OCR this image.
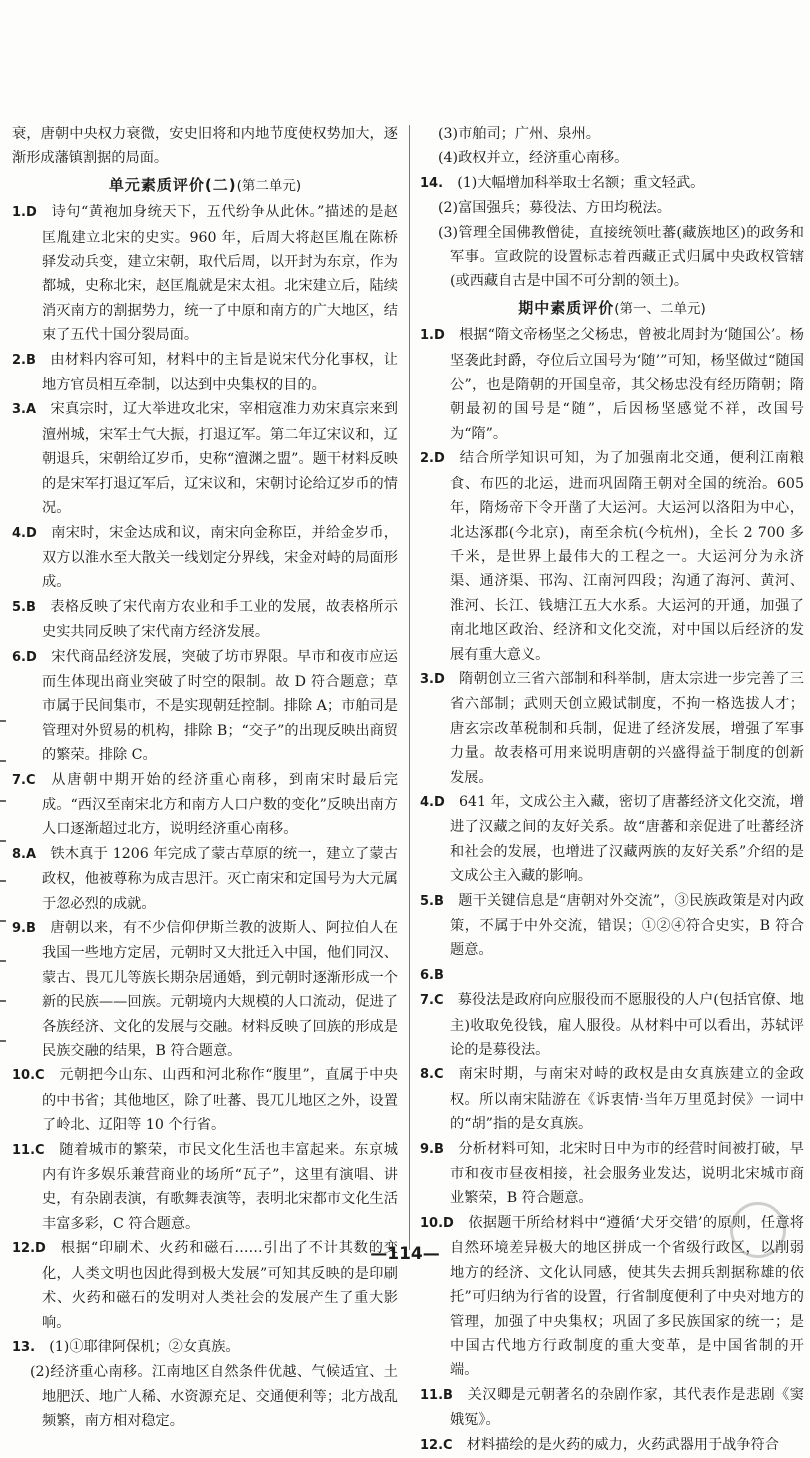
衰，唐朝中央权力衰微，安史旧将和内地节度使权势加大，逐渐形成藩镇割据的局面。

单元素质评价(二)(第二单元)

1.D  诗句“黄袍加身统天下，五代纷争从此休。”描述的是赵匡胤建立北宋的史实。960 年，后周大将赵匡胤在陈桥驿发动兵变，建立宋朝，取代后周，以开封为东京，作为都城，史称北宋，赵匡胤就是宋太祖。北宋建立后，陆续消灭南方的割据势力，统一了中原和南方的广大地区，结束了五代十国分裂局面。

2.B  由材料内容可知，材料中的主旨是说宋代分化事权，让地方官员相互牵制，以达到中央集权的目的。

3.A  宋真宗时，辽大举进攻北宋，宰相寇准力劝宋真宗来到澶州城，宋军士气大振，打退辽军。第二年辽宋议和，辽朝退兵，宋朝给辽岁币，史称“澶渊之盟”。题干材料反映的是宋军打退辽军后，辽宋议和，宋朝讨论给辽岁币的情况。

4.D  南宋时，宋金达成和议，南宋向金称臣，并给金岁币，双方以淮水至大散关一线划定分界线，宋金对峙的局面形成。

5.B  表格反映了宋代南方农业和手工业的发展，故表格所示史实共同反映了宋代南方经济发展。

6.D  宋代商品经济发展，突破了坊市界限。早市和夜市应运而生体现出商业突破了时空的限制。故 D 符合题意；草市属于民间集市，不是实现朝廷控制。排除 A；市舶司是管理对外贸易的机构，排除 B；“交子”的出现反映出商贸的繁荣。排除 C。

7.C  从唐朝中期开始的经济重心南移，到南宋时最后完成。“西汉至南宋北方和南方人口户数的变化”反映出南方人口逐渐超过北方，说明经济重心南移。

8.A  铁木真于 1206 年完成了蒙古草原的统一，建立了蒙古政权，他被尊称为成吉思汗。灭亡南宋和定国号为大元属于忽必烈的成就。

9.B  唐朝以来，有不少信仰伊斯兰教的波斯人、阿拉伯人在我国一些地方定居，元朝时又大批迁入中国，他们同汉、蒙古、畏兀儿等族长期杂居通婚，到元朝时逐渐形成一个新的民族——回族。元朝境内大规模的人口流动，促进了各族经济、文化的发展与交融。材料反映了回族的形成是民族交融的结果，B 符合题意。

10.C  元朝把今山东、山西和河北称作“腹里”，直属于中央的中书省；其他地区，除了吐蕃、畏兀儿地区之外，设置了岭北、辽阳等 10 个行省。

11.C  随着城市的繁荣，市民文化生活也丰富起来。东京城内有许多娱乐兼营商业的场所“瓦子”，这里有演唱、讲史，有杂剧表演，有歌舞表演等，表明北宋都市文化生活丰富多彩，C 符合题意。

12.D  根据“印刷术、火药和磁石……引出了不计其数的变化，人类文明也因此得到极大发展”可知其反映的是印刷术、火药和磁石的发明对人类社会的发展产生了重大影响。

13.  (1)①耶律阿保机；②女真族。

(2)经济重心南移。江南地区自然条件优越、气候适宜、土地肥沃、地广人稀、水资源充足、交通便利等；北方战乱频繁，南方相对稳定。

(3)市舶司；广州、泉州。

(4)政权并立，经济重心南移。

14.  (1)大幅增加科举取士名额；重文轻武。

(2)富国强兵；募役法、方田均税法。

(3)管理全国佛教僧徒，直接统领吐蕃(藏族地区)的政务和军事。宣政院的设置标志着西藏正式归属中央政权管辖(或西藏自古是中国不可分割的领土)。

期中素质评价(第一、二单元)

1.D  根据“隋文帝杨坚之父杨忠，曾被北周封为‘随国公’。杨坚袭此封爵，夺位后立国号为‘随’”可知，杨坚做过“随国公”，也是隋朝的开国皇帝，其父杨忠没有经历隋朝；隋朝最初的国号是“随”，后因杨坚感觉不祥，改国号为“隋”。

2.D  结合所学知识可知，为了加强南北交通，便利江南粮食、布匹的北运，进而巩固隋王朝对全国的统治。605 年，隋炀帝下令开凿了大运河。大运河以洛阳为中心，北达涿郡(今北京)，南至余杭(今杭州)，全长 2 700 多千米，是世界上最伟大的工程之一。大运河分为永济渠、通济渠、邗沟、江南河四段；沟通了海河、黄河、淮河、长江、钱塘江五大水系。大运河的开通，加强了南北地区政治、经济和文化交流，对中国以后经济的发展有重大意义。

3.D  隋朝创立三省六部制和科举制，唐太宗进一步完善了三省六部制；武则天创立殿试制度，不拘一格选拔人才；唐玄宗改革税制和兵制，促进了经济发展，增强了军事力量。故表格可用来说明唐朝的兴盛得益于制度的创新发展。

4.D  641 年，文成公主入藏，密切了唐蕃经济文化交流，增进了汉藏之间的友好关系。故“唐蕃和亲促进了吐蕃经济和社会的发展，也增进了汉藏两族的友好关系”介绍的是文成公主入藏的影响。

5.B  题干关键信息是“唐朝对外交流”，③民族政策是对内政策，不属于中外交流，错误；①②④符合史实，B 符合题意。

6.B 

7.C  募役法是政府向应服役而不愿服役的人户(包括官僚、地主)收取免役钱，雇人服役。从材料中可以看出，苏轼评论的是募役法。

8.C  南宋时期，与南宋对峙的政权是由女真族建立的金政权。所以南宋陆游在《诉衷情·当年万里觅封侯》一词中的“胡”指的是女真族。

9.B  分析材料可知，北宋时日中为市的经营时间被打破，早市和夜市昼夜相接，社会服务业发达，说明北宋城市商业繁荣，B 符合题意。

10.D  依据题干所给材料中“遵循‘犬牙交错’的原则，任意将自然环境差异极大的地区拼成一个省级行政区，以削弱地方的经济、文化认同感，使其失去拥兵割据称雄的依托”可归纳为行省的设置，行省制度便利了中央对地方的管理，加强了中央集权；巩固了多民族国家的统一；是中国古代地方行政制度的重大变革，是中国省制的开端。

11.B  关汉卿是元朝著名的杂剧作家，其代表作是悲剧《窦娥冤》。

12.C  材料描绘的是火药的威力，火药武器用于战争符合

—114—
